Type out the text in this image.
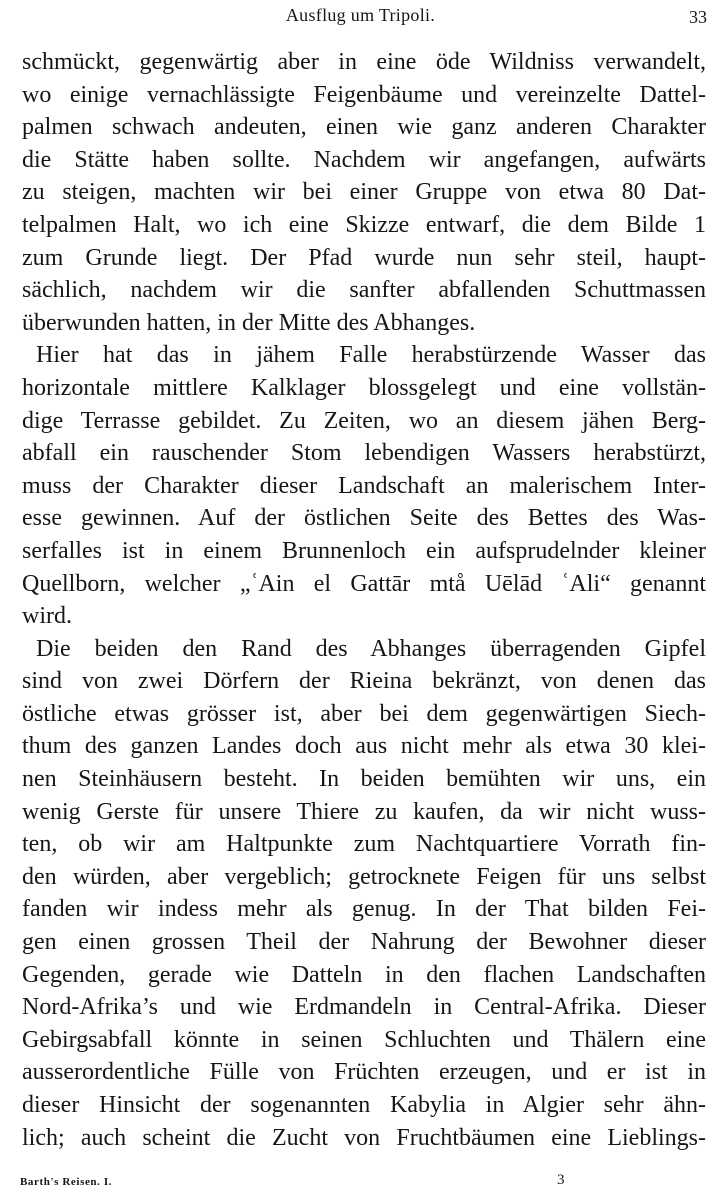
Ausflug um Tripoli.	33
schmückt, gegenwärtig aber in eine öde Wildniss verwandelt,
wo einige vernachlässigte Feigenbäume und vereinzelte Dattel-
palmen schwach andeuten, einen wie ganz anderen Charakter
die Stätte haben sollte. Nachdem wir angefangen, aufwärts
zu steigen, machten wir bei einer Gruppe von etwa 80 Dat-
telpalmen Halt, wo ich eine Skizze entwarf, die dem Bilde 1
zum Grunde liegt. Der Pfad wurde nun sehr steil, haupt-
sächlich, nachdem wir die sanfter abfallenden Schuttmassen
überwunden hatten, in der Mitte des Abhanges.
Hier hat das in jähem Falle herabstürzende Wasser das
horizontale mittlere Kalklager blossgelegt und eine vollstän-
dige Terrasse gebildet. Zu Zeiten, wo an diesem jähen Berg-
abfall ein rauschender Stom lebendigen Wassers herabstürzt,
muss der Charakter dieser Landschaft an malerischem Inter-
esse gewinnen. Auf der östlichen Seite des Bettes des Was-
serfalles ist in einem Brunnenloch ein aufsprudelnder kleiner
Quellborn, welcher „ʿAin el Gattār mtå Uēlād ʿAli“ genannt
wird.
Die beiden den Rand des Abhanges überragenden Gipfel
sind von zwei Dörfern der Rieina bekränzt, von denen das
östliche etwas grösser ist, aber bei dem gegenwärtigen Siech-
thum des ganzen Landes doch aus nicht mehr als etwa 30 klei-
nen Steinhäusern besteht. In beiden bemühten wir uns, ein
wenig Gerste für unsere Thiere zu kaufen, da wir nicht wuss-
ten, ob wir am Haltpunkte zum Nachtquartiere Vorrath fin-
den würden, aber vergeblich; getrocknete Feigen für uns selbst
fanden wir indess mehr als genug. In der That bilden Fei-
gen einen grossen Theil der Nahrung der Bewohner dieser
Gegenden, gerade wie Datteln in den flachen Landschaften
Nord-Afrika’s und wie Erdmandeln in Central-Afrika. Dieser
Gebirgsabfall könnte in seinen Schluchten und Thälern eine
ausserordentliche Fülle von Früchten erzeugen, und er ist in
dieser Hinsicht der sogenannten Kabylia in Algier sehr ähn-
lich; auch scheint die Zucht von Fruchtbäumen eine Lieblings-
Barth's Reisen. I.	3
